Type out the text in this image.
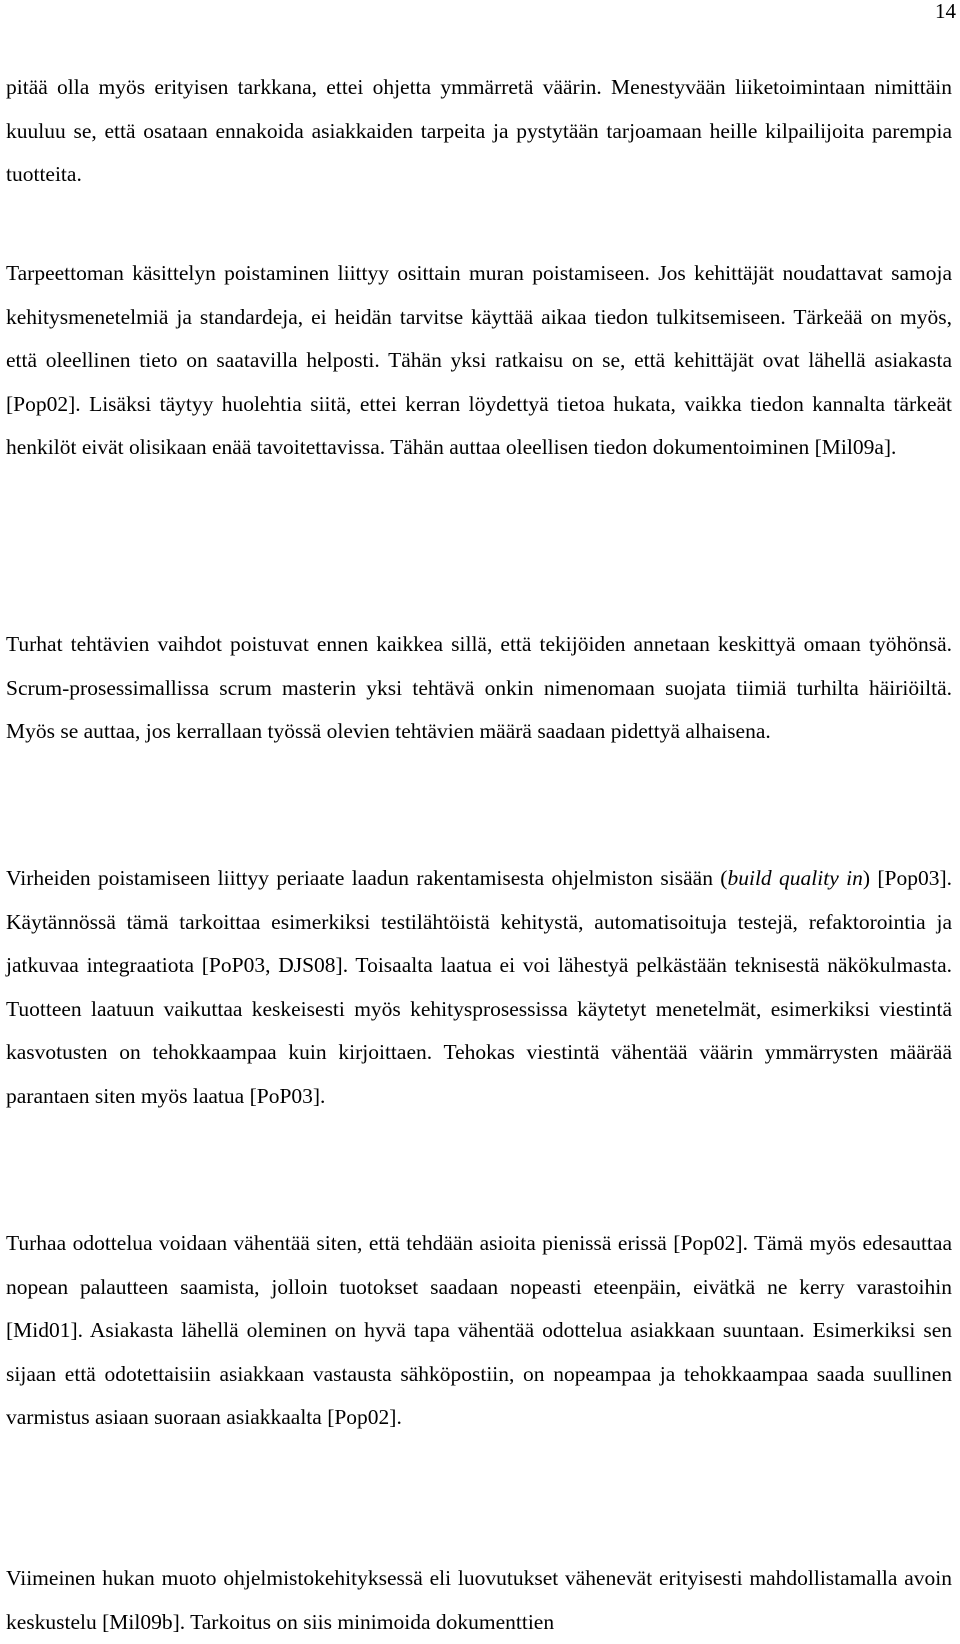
14

pitää olla myös erityisen tarkkana, ettei ohjetta ymmärretä väärin. Menestyvään liiketoimintaan nimittäin kuuluu se, että osataan ennakoida asiakkaiden tarpeita ja pystytään tarjoamaan heille kilpailijoita parempia tuotteita.

Tarpeettoman käsittelyn poistaminen liittyy osittain muran poistamiseen. Jos kehittäjät noudattavat samoja kehitysmenetelmiä ja standardeja, ei heidän tarvitse käyttää aikaa tiedon tulkitsemiseen. Tärkeää on myös, että oleellinen tieto on saatavilla helposti. Tähän yksi ratkaisu on se, että kehittäjät ovat lähellä asiakasta [Pop02]. Lisäksi täytyy huolehtia siitä, ettei kerran löydettyä tietoa hukata, vaikka tiedon kannalta tärkeät henkilöt eivät olisikaan enää tavoitettavissa. Tähän auttaa oleellisen tiedon dokumentoiminen [Mil09a].

Turhat tehtävien vaihdot poistuvat ennen kaikkea sillä, että tekijöiden annetaan keskittyä omaan työhönsä. Scrum-prosessimallissa scrum masterin yksi tehtävä onkin nimenomaan suojata tiimiä turhilta häiriöiltä. Myös se auttaa, jos kerrallaan työssä olevien tehtävien määrä saadaan pidettyä alhaisena.

Virheiden poistamiseen liittyy periaate laadun rakentamisesta ohjelmiston sisään (build quality in) [Pop03]. Käytännössä tämä tarkoittaa esimerkiksi testilähtöistä kehitystä, automatisoituja testejä, refaktorointia ja jatkuvaa integraatiota [PoP03, DJS08]. Toisaalta laatua ei voi lähestyä pelkästään teknisestä näkökulmasta. Tuotteen laatuun vaikuttaa keskeisesti myös kehitysprosessissa käytetyt menetelmät, esimerkiksi viestintä kasvotusten on tehokkaampaa kuin kirjoittaen. Tehokas viestintä vähentää väärin ymmärrysten määrää parantaen siten myös laatua [PoP03].

Turhaa odottelua voidaan vähentää siten, että tehdään asioita pienissä erissä [Pop02]. Tämä myös edesauttaa nopean palautteen saamista, jolloin tuotokset saadaan nopeasti eteenpäin, eivätkä ne kerry varastoihin [Mid01]. Asiakasta lähellä oleminen on hyvä tapa vähentää odottelua asiakkaan suuntaan. Esimerkiksi sen sijaan että odotettaisiin asiakkaan vastausta sähköpostiin, on nopeampaa ja tehokkaampaa saada suullinen varmistus asiaan suoraan asiakkaalta [Pop02].

Viimeinen hukan muoto ohjelmistokehityksessä eli luovutukset vähenevät erityisesti mahdollistamalla avoin keskustelu [Mil09b]. Tarkoitus on siis minimoida dokumenttien
